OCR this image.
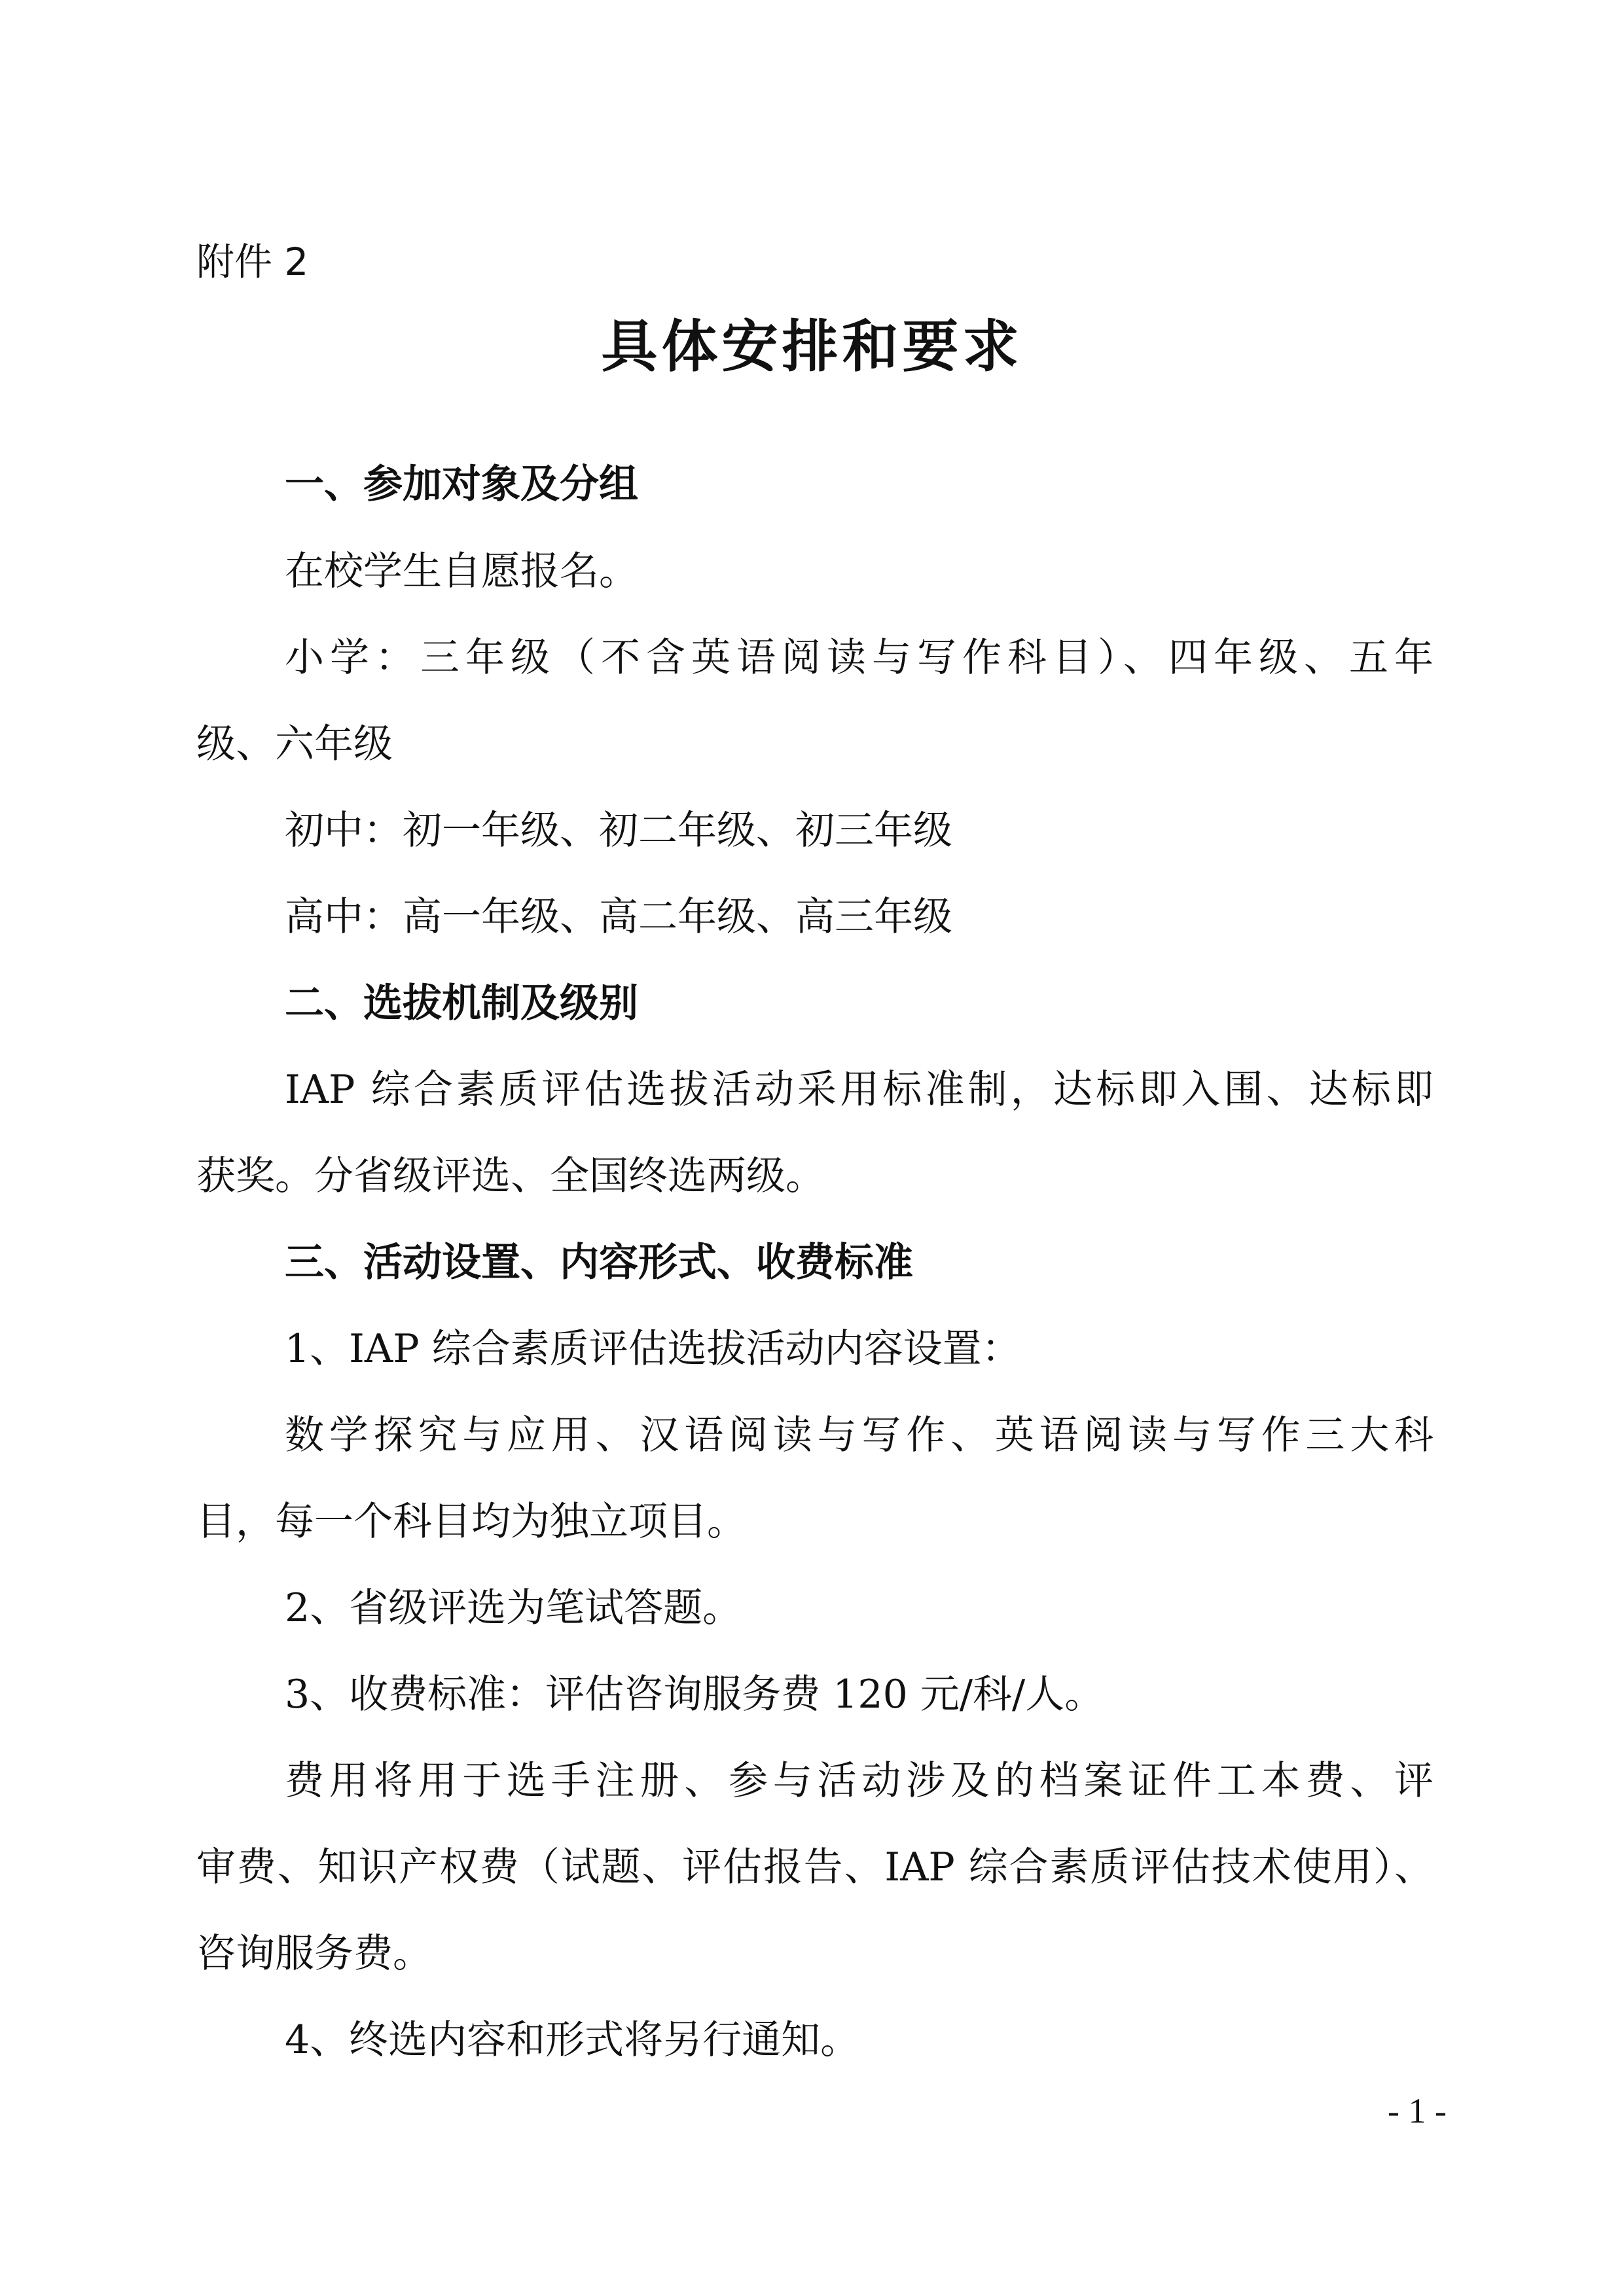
附件 2
具体安排和要求
一、参加对象及分组
在校学生自愿报名。
小学：三年级（不含英语阅读与写作科目）、四年级、五年
级、六年级
初中：初一年级、初二年级、初三年级
高中：高一年级、高二年级、高三年级
二、选拔机制及级别
IAP 综合素质评估选拔活动采用标准制，达标即入围、达标即
获奖。分省级评选、全国终选两级。
三、活动设置、内容形式、收费标准
1、IAP 综合素质评估选拔活动内容设置：
数学探究与应用、汉语阅读与写作、英语阅读与写作三大科
目，每一个科目均为独立项目。
2、省级评选为笔试答题。
3、收费标准：评估咨询服务费 120 元/科/人。
费用将用于选手注册、参与活动涉及的档案证件工本费、评
审费、知识产权费（试题、评估报告、IAP 综合素质评估技术使用）、
咨询服务费。
4、终选内容和形式将另行通知。
- 1 -
